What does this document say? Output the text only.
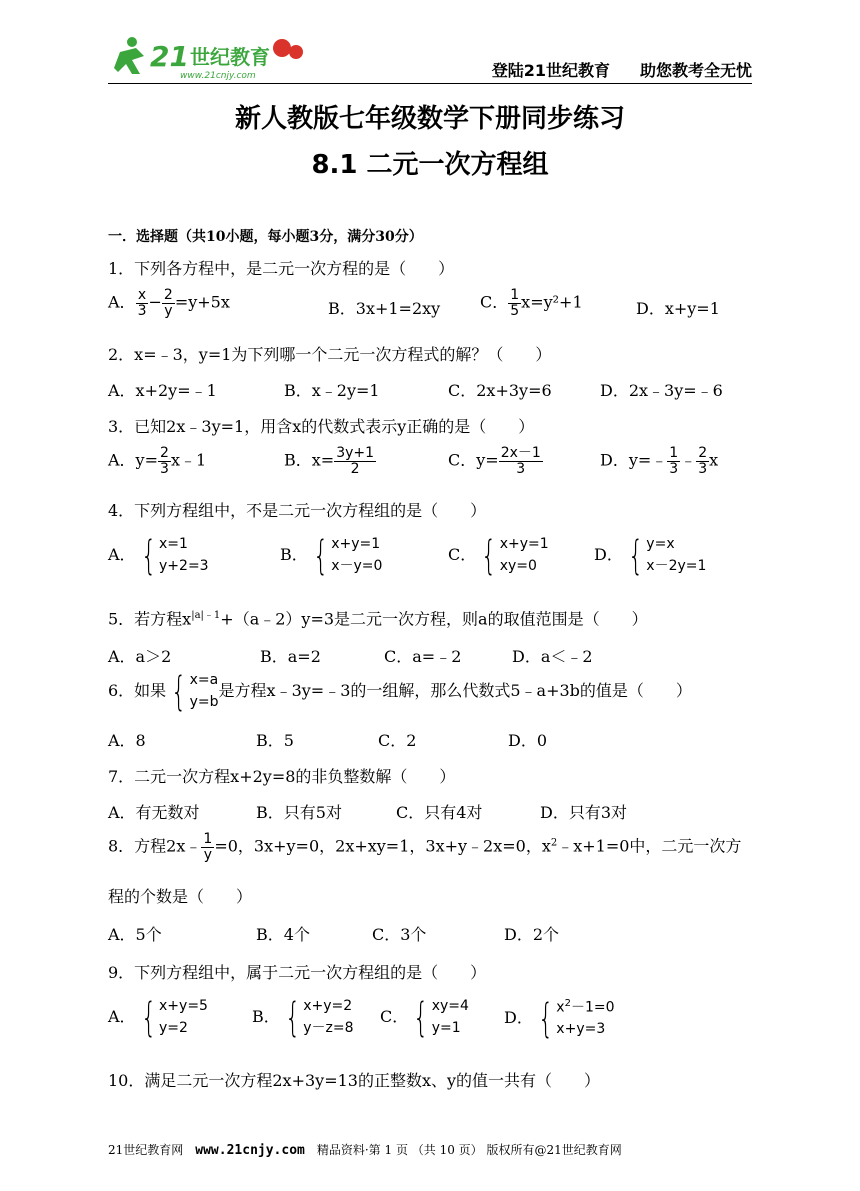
21 世纪教育
www.21cnjy.com	登陆21世纪教育 助您教考全无忧
新人教版七年级数学下册同步练习
8.1 二元一次方程组
一．选择题（共10小题，每小题3分，满分30分）
1．下列各方程中，是二元一次方程的是（　　）
A． $\frac{x}{3} - \frac{2}{y} =y+5x$	B．3x+1=2xy C． $\frac{1}{5} x=y^2+1$	D．x+y=1
2．x=﹣3，y=1为下列哪一个二元一次方程式的解？（　　）
A．x+2y=﹣1	B．x﹣2y=1	C．2x+3y=6	D．2x﹣3y=﹣6
3．已知2x﹣3y=1，用含x的代数式表示y正确的是（　　）
A．$y= \frac{2}{3}$ x﹣1	B．$x= \frac{3y+1}{2}$	C．$y= \frac{2x-1}{3}$	D．y=﹣ $\frac{1}{3}$ ﹣ $\frac{2}{3}$ x
4．下列方程组中，不是二元一次方程组的是（　　）
A． { x=1
y+2=3
B． { x+y=1
x－y=0
C． { x+y=1
xy=0
D． { y=x
x－2y=1
5．若方程$x^{|a|﹣1}+(a﹣2)y=3$是二元一次方程，则a的取值范围是（　　）
A．a＞2	B．a=2	C．a=﹣2	D．a＜﹣2
6．如果 { x=a
y=b
是方程x﹣3y=﹣3的一组解，那么代数式5﹣a+3b的值是（　　）
A．8	B．5	C．2	D．0
7．二元一次方程x+2y=8的非负整数解（　　）
A．有无数对	B．只有5对	C．只有4对	D．只有3对
8．方程2x﹣ $\frac{1}{y} =0$，3x+y=0，2x+xy=1，3x+y﹣2x=0，$x^2﹣x+1=0$中，二元一次方
程的个数是（　　）
A．5个	B．4个	C．3个	D．2个
9．下列方程组中，属于二元一次方程组的是（　　）
A． { x+y=5
y=2
B． { x+y=2
y－z=8
C． { xy=4
y=1
D． { $x^2-1=0$
x+y=3
10．满足二元一次方程2x+3y=13的正整数x、y的值一共有（　　）
21世纪教育网 www.21cnjy.com 精品资料·第 1 页 （共 10 页） 版权所有@21世纪教育网
